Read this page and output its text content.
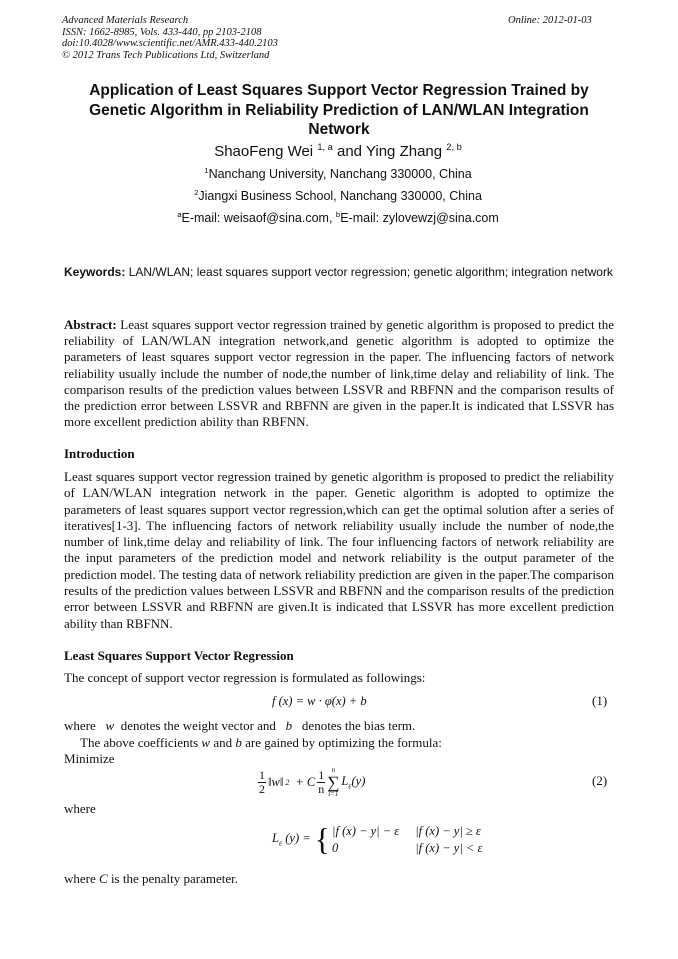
Advanced Materials Research
ISSN: 1662-8985, Vols. 433-440, pp 2103-2108
doi:10.4028/www.scientific.net/AMR.433-440.2103
© 2012 Trans Tech Publications Ltd, Switzerland
Online: 2012-01-03
Application of Least Squares Support Vector Regression Trained by Genetic Algorithm in Reliability Prediction of LAN/WLAN Integration Network
ShaoFeng Wei $^{1, a}$ and Ying Zhang $^{2, b}$
$^1$Nanchang University, Nanchang 330000, China
$^2$Jiangxi Business School, Nanchang 330000, China
$^a$E-mail: weisaof@sina.com, $^b$E-mail: zylovewzj@sina.com
Keywords: LAN/WLAN; least squares support vector regression; genetic algorithm; integration network
Abstract: Least squares support vector regression trained by genetic algorithm is proposed to predict the reliability of LAN/WLAN integration network,and genetic algorithm is adopted to optimize the parameters of least squares support vector regression in the paper. The influencing factors of network reliability usually include the number of node,the number of link,time delay and reliability of link. The comparison results of the prediction values between LSSVR and RBFNN and the comparison results of the prediction error between LSSVR and RBFNN are given in the paper.It is indicated that LSSVR has more excellent prediction ability than RBFNN.
Introduction
Least squares support vector regression trained by genetic algorithm is proposed to predict the reliability of LAN/WLAN integration network in the paper. Genetic algorithm is adopted to optimize the parameters of least squares support vector regression,which can get the optimal solution after a series of iteratives[1-3]. The influencing factors of network reliability usually include the number of node,the number of link,time delay and reliability of link. The four influencing factors of network reliability are the input parameters of the prediction model and network reliability is the output parameter of the prediction model. The testing data of network reliability prediction are given in the paper.The comparison results of the prediction values between LSSVR and RBFNN and the comparison results of the prediction error between LSSVR and RBFNN are given.It is indicated that LSSVR has more excellent prediction ability than RBFNN.
Least Squares Support Vector Regression
The concept of support vector regression is formulated as followings:
f (x) = w · φ(x) + b	(1)
where w denotes the weight vector and b denotes the bias term.
The above coefficients w and b are gained by optimizing the formula:
Minimize
$\frac{1}{2}$ ‖w‖ 2 + C $\frac{1}{n}$ n
∑
i=1
$L_\varepsilon(y)$	(2)
where
$L_\varepsilon$ (y) = { |f (x) − y| − ε |f (x) − y| ≥ ε
0	|f (x) − y| < ε
where C is the penalty parameter.
